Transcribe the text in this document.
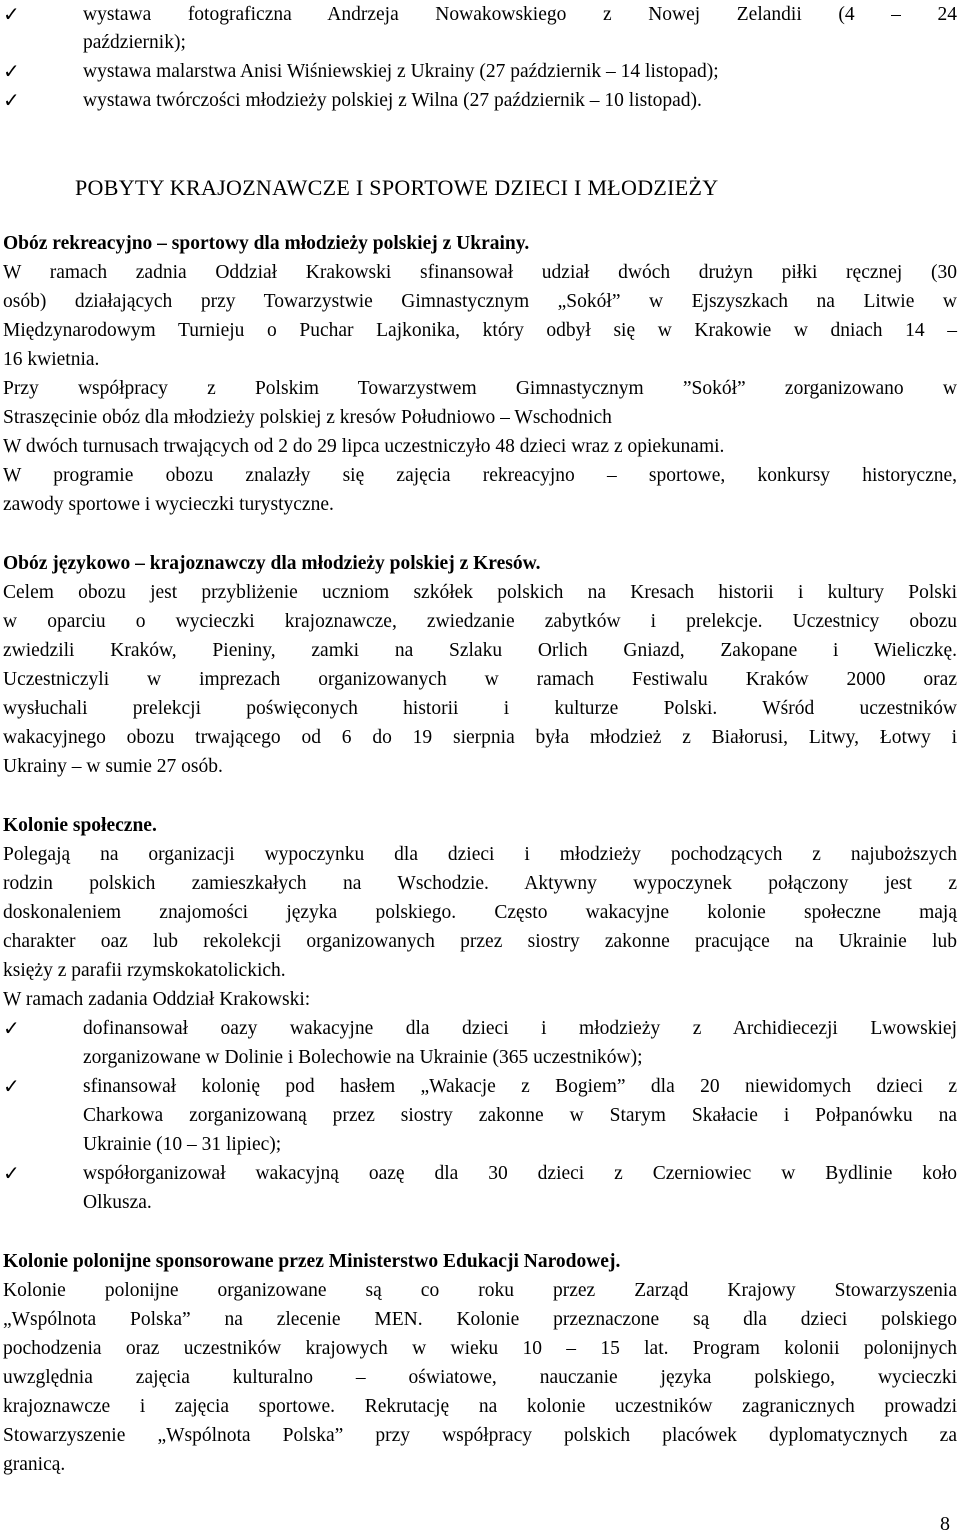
✓	wystawa fotograficzna Andrzeja Nowakowskiego z Nowej Zelandii (4 – 24
październik);
✓	wystawa malarstwa Anisi Wiśniewskiej z Ukrainy (27 październik – 14 listopad);
✓	wystawa twórczości młodzieży polskiej z Wilna (27 październik – 10 listopad).
POBYTY KRAJOZNAWCZE I SPORTOWE DZIECI I MŁODZIEŻY
Obóz rekreacyjno – sportowy dla młodzieży polskiej z Ukrainy.
W ramach zadnia Oddział Krakowski sfinansował udział dwóch drużyn piłki ręcznej (30
osób) działających przy Towarzystwie Gimnastycznym „Sokół” w Ejszyszkach na Litwie w
Międzynarodowym Turnieju o Puchar Lajkonika, który odbył się w Krakowie w dniach 14 –
16 kwietnia.
Przy współpracy z Polskim Towarzystwem Gimnastycznym ”Sokół” zorganizowano w
Straszęcinie obóz dla młodzieży polskiej z kresów Południowo – Wschodnich
W dwóch turnusach trwających od 2 do 29 lipca uczestniczyło 48 dzieci wraz z opiekunami.
W programie obozu znalazły się zajęcia rekreacyjno – sportowe, konkursy historyczne,
zawody sportowe i wycieczki turystyczne.
Obóz językowo – krajoznawczy dla młodzieży polskiej z Kresów.
Celem obozu jest przybliżenie uczniom szkółek polskich na Kresach historii i kultury Polski
w oparciu o wycieczki krajoznawcze, zwiedzanie zabytków i prelekcje. Uczestnicy obozu
zwiedzili Kraków, Pieniny, zamki na Szlaku Orlich Gniazd, Zakopane i Wieliczkę.
Uczestniczyli w imprezach organizowanych w ramach Festiwalu Kraków 2000 oraz
wysłuchali prelekcji poświęconych historii i kulturze Polski. Wśród uczestników
wakacyjnego obozu trwającego od 6 do 19 sierpnia była młodzież z Białorusi, Litwy, Łotwy i
Ukrainy – w sumie 27 osób.
Kolonie społeczne.
Polegają na organizacji wypoczynku dla dzieci i młodzieży pochodzących z najuboższych
rodzin polskich zamieszkałych na Wschodzie. Aktywny wypoczynek połączony jest z
doskonaleniem znajomości języka polskiego. Często wakacyjne kolonie społeczne mają
charakter oaz lub rekolekcji organizowanych przez siostry zakonne pracujące na Ukrainie lub
księży z parafii rzymskokatolickich.
W ramach zadania Oddział Krakowski:
✓	dofinansował oazy wakacyjne dla dzieci i młodzieży z Archidiecezji Lwowskiej
zorganizowane w Dolinie i Bolechowie na Ukrainie (365 uczestników);
✓	sfinansował kolonię pod hasłem „Wakacje z Bogiem” dla 20 niewidomych dzieci z
Charkowa zorganizowaną przez siostry zakonne w Starym Skałacie i Połpanówku na
Ukrainie (10 – 31 lipiec);
✓	współorganizował wakacyjną oazę dla 30 dzieci z Czerniowiec w Bydlinie koło
Olkusza.
Kolonie polonijne sponsorowane przez Ministerstwo Edukacji Narodowej.
Kolonie polonijne organizowane są co roku przez Zarząd Krajowy Stowarzyszenia
„Wspólnota Polska” na zlecenie MEN. Kolonie przeznaczone są dla dzieci polskiego
pochodzenia oraz uczestników krajowych w wieku 10 – 15 lat. Program kolonii polonijnych
uwzględnia zajęcia kulturalno – oświatowe, nauczanie języka polskiego, wycieczki
krajoznawcze i zajęcia sportowe. Rekrutację na kolonie uczestników zagranicznych prowadzi
Stowarzyszenie „Wspólnota Polska” przy współpracy polskich placówek dyplomatycznych za
granicą.
8
